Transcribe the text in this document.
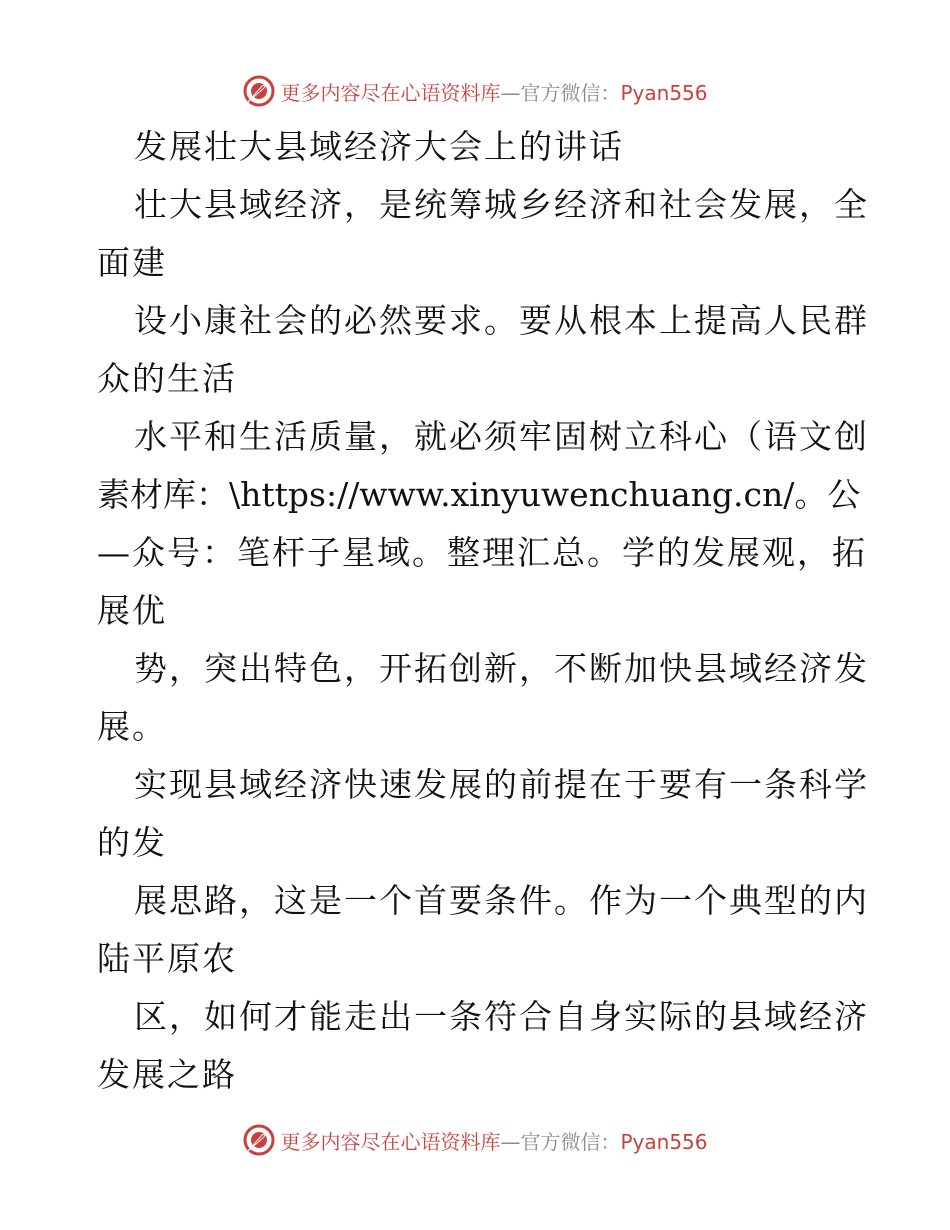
更多内容尽在心语资料库—官方微信：Pyan556
发展壮大县域经济大会上的讲话
壮大县域经济，是统筹城乡经济和社会发展，全
面建
设小康社会的必然要求。要从根本上提高人民群
众的生活
水平和生活质量，就必须牢固树立科心（语文创
素材库：\https://www.xinyuwenchuang.cn/。公
—众号：笔杆子星域。整理汇总。学的发展观，拓
展优
势，突出特色，开拓创新，不断加快县域经济发
展。
实现县域经济快速发展的前提在于要有一条科学
的发
展思路，这是一个首要条件。作为一个典型的内
陆平原农
区，如何才能走出一条符合自身实际的县域经济
发展之路
更多内容尽在心语资料库—官方微信：Pyan556
